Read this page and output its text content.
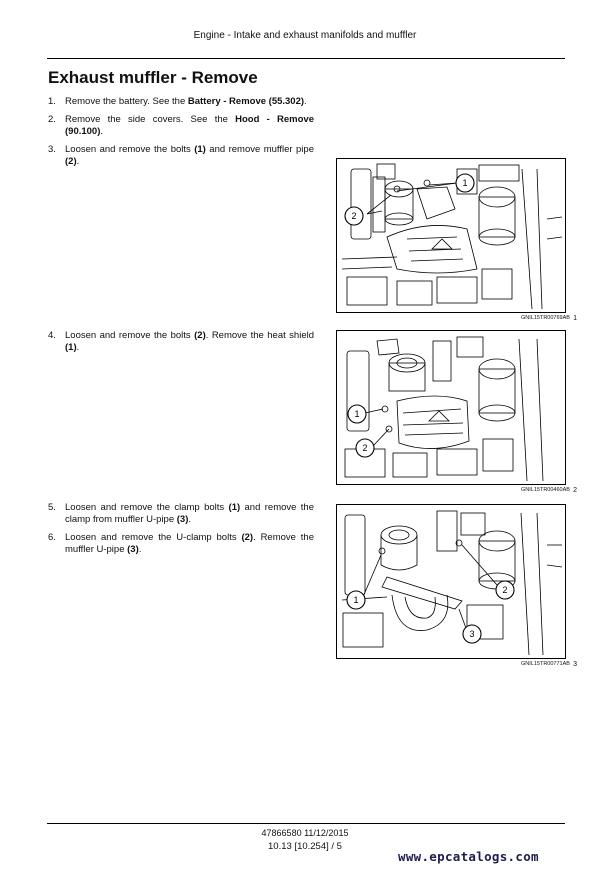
Engine - Intake and exhaust manifolds and muffler
Exhaust muffler - Remove
1. Remove the battery. See the Battery - Remove (55.302).
2. Remove the side covers. See the Hood - Remove (90.100).
3. Loosen and remove the bolts (1) and remove muffler pipe (2).
4. Loosen and remove the bolts (2). Remove the heat shield (1).
5. Loosen and remove the clamp bolts (1) and remove the clamp from muffler U-pipe (3).
6. Loosen and remove the U-clamp bolts (2). Remove the muffler U-pipe (3).
1
2
GNIL15TR00769AB 1
1
2
GNIL15TR00460AB 2
1
2
3
GNIL15TR00771AB 3
47866580 11/12/2015
10.13 [10.254] / 5
www.epcatalogs.com
